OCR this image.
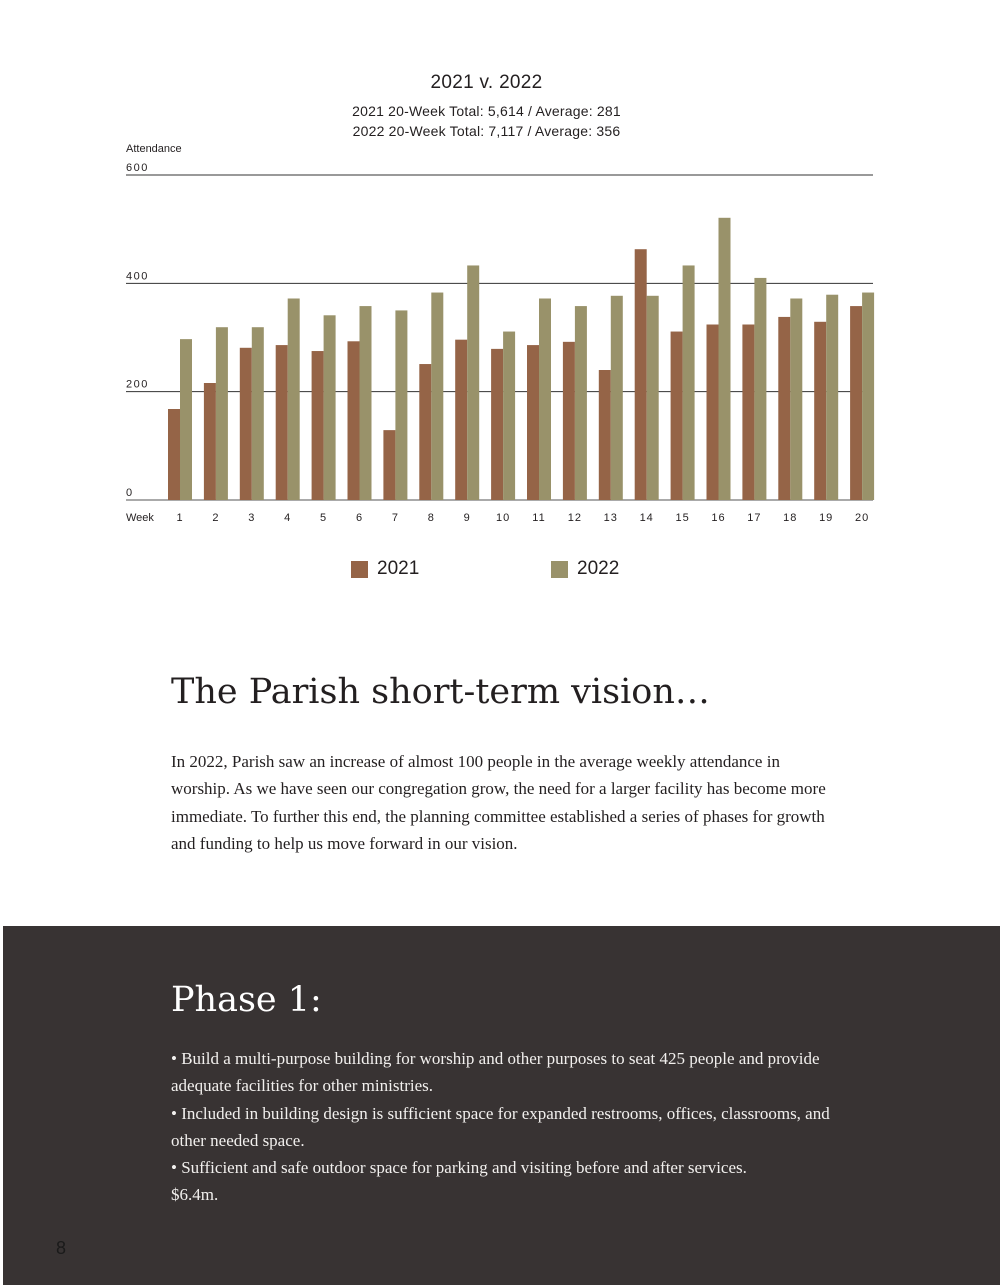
2021 v. 2022
2021 20-Week Total: 5,614 / Average: 281
2022 20-Week Total: 7,117 / Average: 356
Attendance
Week
0
200
400
600
1	2	3	4	5	6	7	8	9 10 11 12 13 14 15 16 17 18 19 20
2021	2022
The Parish short-term vision…

In 2022, Parish saw an increase of almost 100 people in the average weekly attendance in worship. As we have seen our congregation grow, the need for a larger facility has become more immediate. To further this end, the planning committee established a series of phases for growth and funding to help us move forward in our vision.

Phase 1:
• Build a multi-purpose building for worship and other purposes to seat 425 people and provide adequate facilities for other ministries.
• Included in building design is sufficient space for expanded restrooms, offices, classrooms, and other needed space.
• Sufficient and safe outdoor space for parking and visiting before and after services.
$6.4m.
8
